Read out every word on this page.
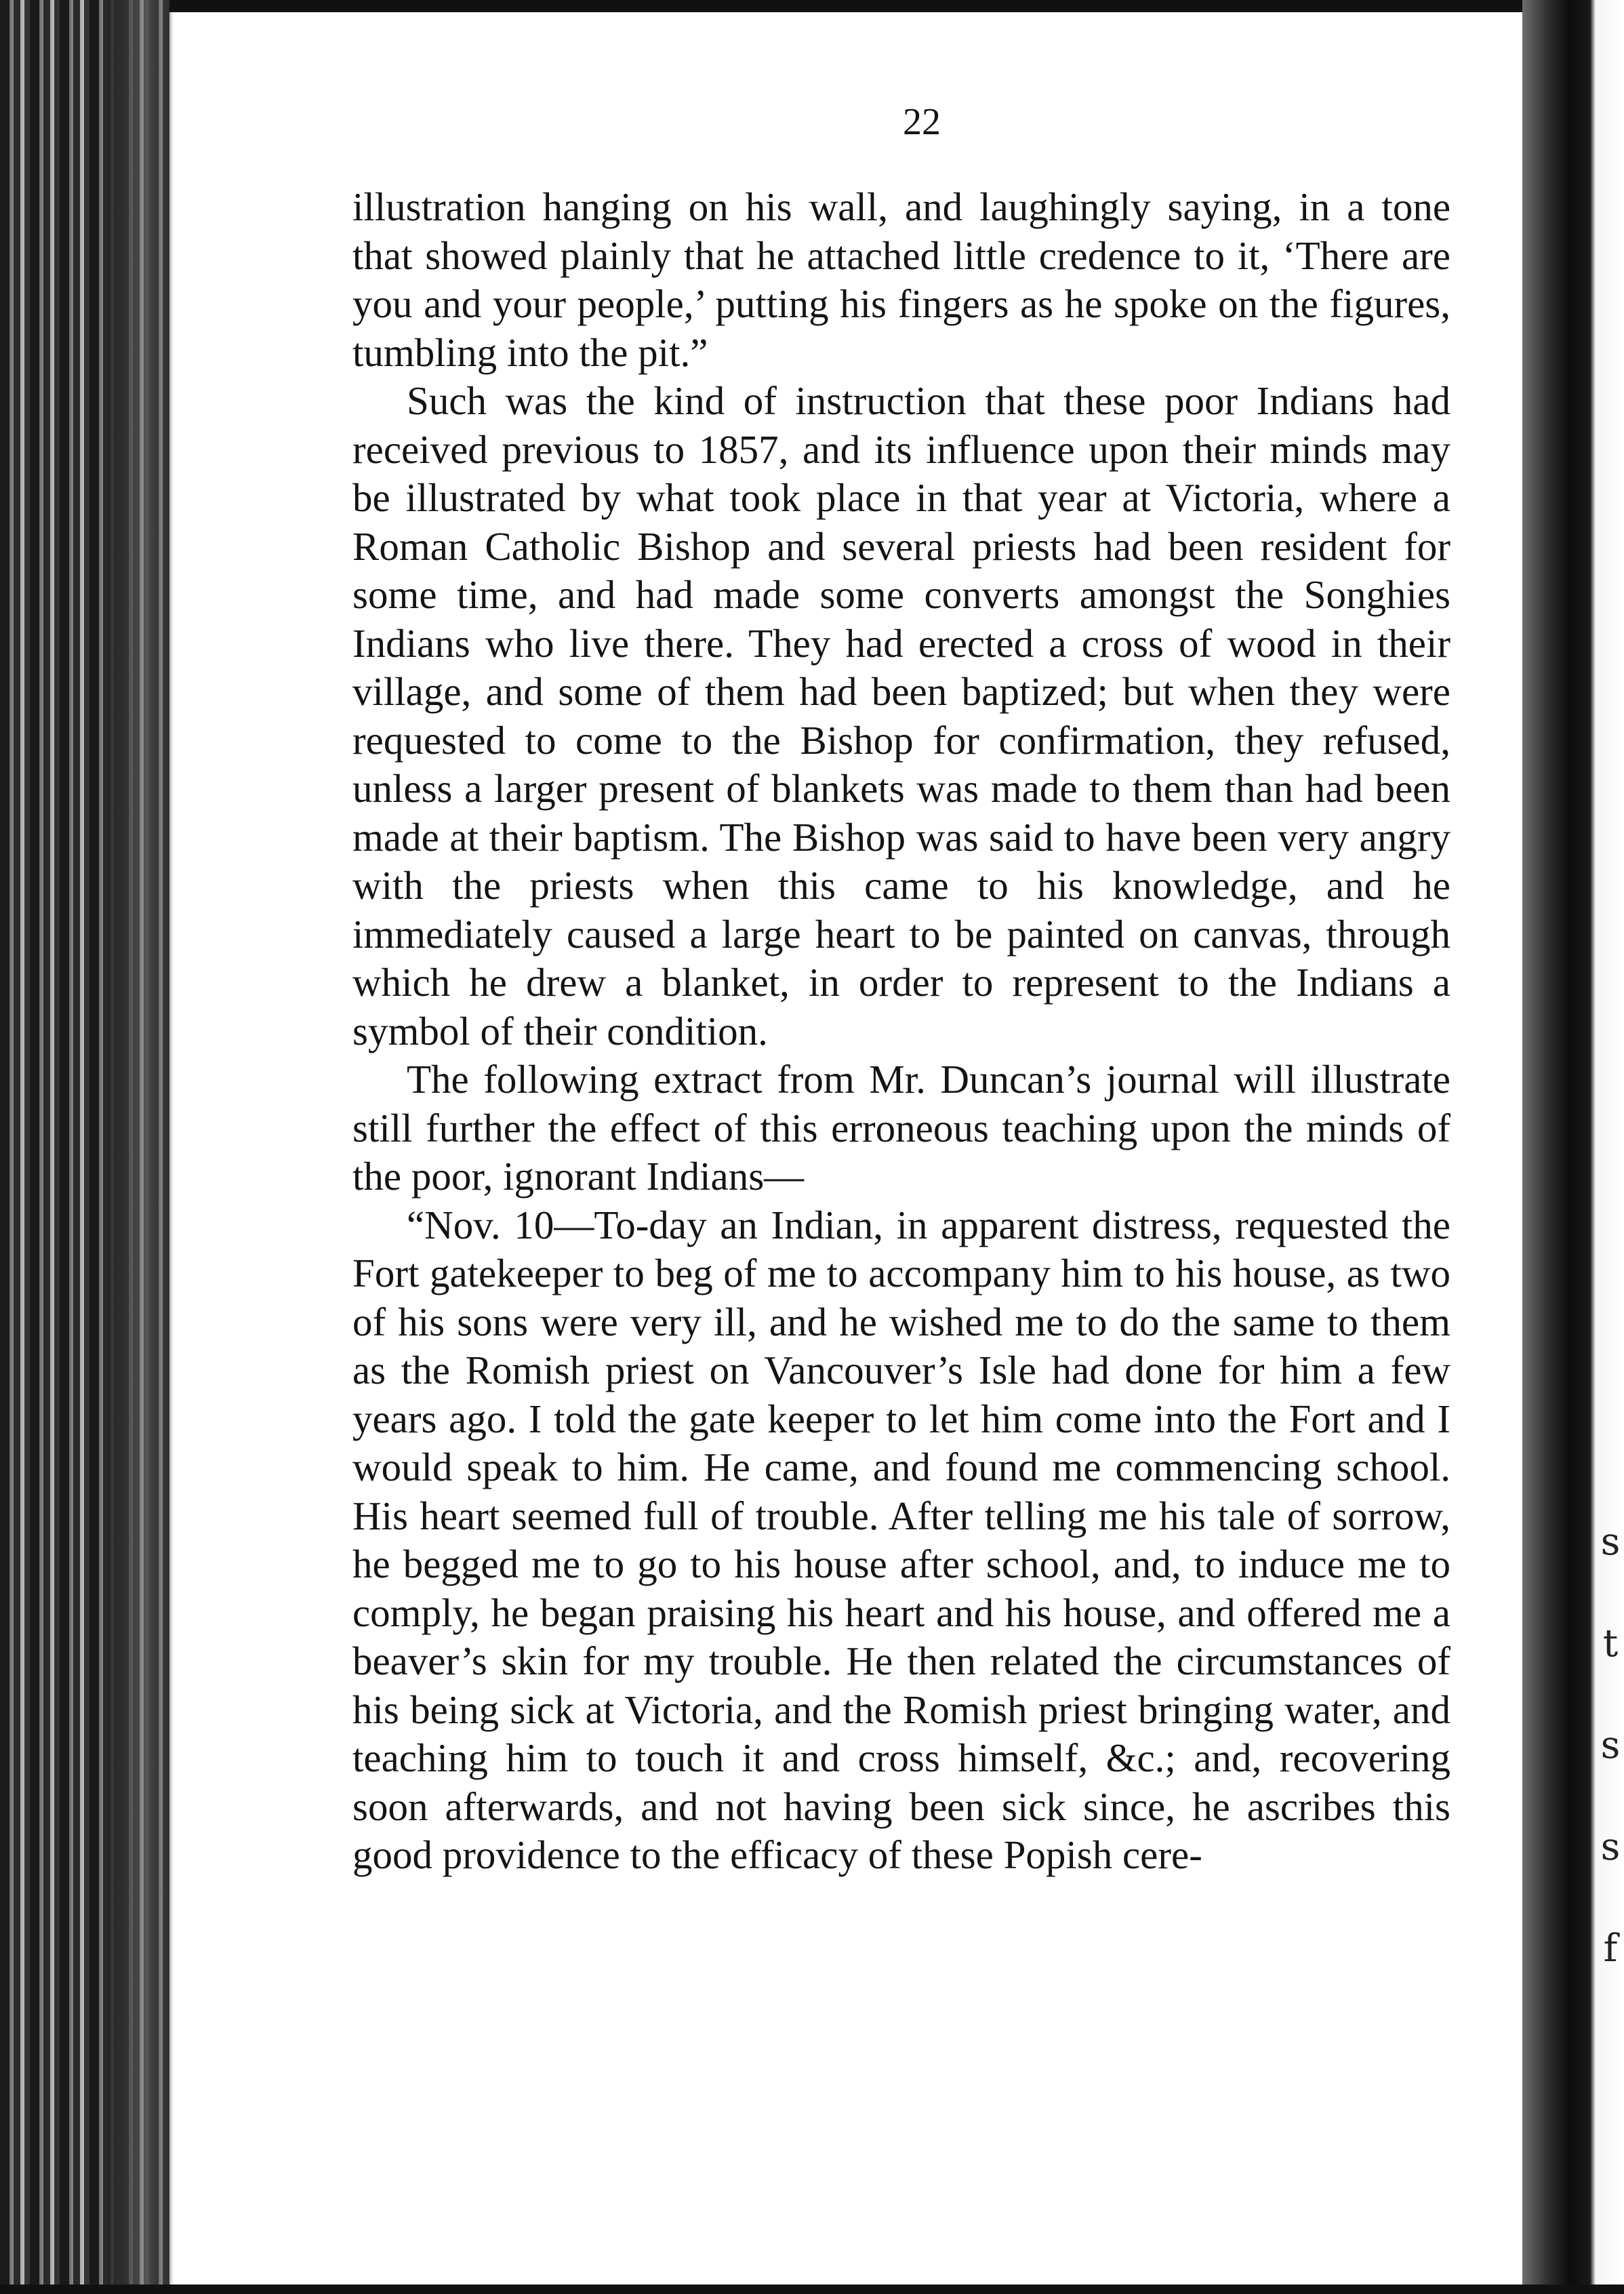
s
t
s
s
f
22

illustration hanging on his wall, and laughingly saying, in a tone that showed plainly that he attached little credence to it, ‘There are you and your people,’ putting his fingers as he spoke on the figures, tumbling into the pit.”

Such was the kind of instruction that these poor Indians had received previous to 1857, and its influence upon their minds may be illustrated by what took place in that year at Victoria, where a Roman Catholic Bishop and several priests had been resident for some time, and had made some converts amongst the Songhies Indians who live there. They had erected a cross of wood in their village, and some of them had been baptized; but when they were requested to come to the Bishop for confirmation, they refused, unless a larger present of blankets was made to them than had been made at their baptism. The Bishop was said to have been very angry with the priests when this came to his knowledge, and he immediately caused a large heart to be painted on canvas, through which he drew a blanket, in order to represent to the Indians a symbol of their condition.

The following extract from Mr. Duncan’s journal will illustrate still further the effect of this erroneous teaching upon the minds of the poor, ignorant Indians—

“Nov. 10—To-day an Indian, in apparent distress, requested the Fort gatekeeper to beg of me to accompany him to his house, as two of his sons were very ill, and he wished me to do the same to them as the Romish priest on Vancouver’s Isle had done for him a few years ago. I told the gate keeper to let him come into the Fort and I would speak to him. He came, and found me commencing school. His heart seemed full of trouble. After telling me his tale of sorrow, he begged me to go to his house after school, and, to induce me to comply, he began praising his heart and his house, and offered me a beaver’s skin for my trouble. He then related the circumstances of his being sick at Victoria, and the Romish priest bringing water, and teaching him to touch it and cross himself, &c.; and, recovering soon afterwards, and not having been sick since, he ascribes this good providence to the efficacy of these Popish cere-
